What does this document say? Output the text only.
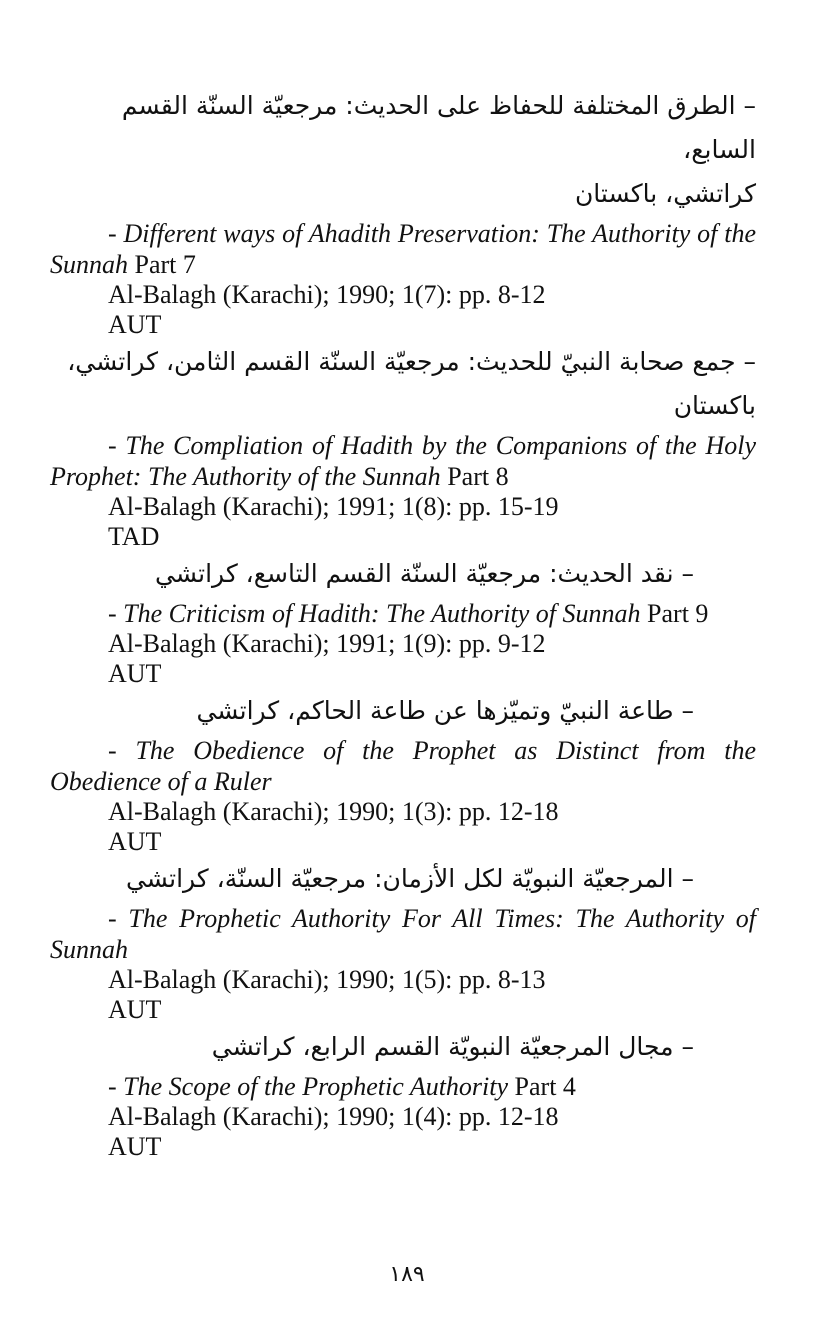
– الطرق المختلفة للحفاظ على الحديث: مرجعيّة السنّة القسم السابع،

كراتشي، باكستان

- Different ways of Ahadith Preservation: The Authority of the Sunnah Part 7

Al-Balagh (Karachi); 1990; 1(7): pp. 8-12

AUT

– جمع صحابة النبيّ للحديث: مرجعيّة السنّة القسم الثامن، كراتشي،

باكستان

- The Compliation of Hadith by the Companions of the Holy Prophet: The Authority of the Sunnah Part 8

Al-Balagh (Karachi); 1991; 1(8): pp. 15-19

TAD

– نقد الحديث: مرجعيّة السنّة القسم التاسع، كراتشي

- The Criticism of Hadith: The Authority of Sunnah Part 9

Al-Balagh (Karachi); 1991; 1(9): pp. 9-12

AUT

– طاعة النبيّ وتميّزها عن طاعة الحاكم، كراتشي

- The Obedience of the Prophet as Distinct from the Obedience of a Ruler

Al-Balagh (Karachi); 1990; 1(3): pp. 12-18

AUT

– المرجعيّة النبويّة لكل الأزمان: مرجعيّة السنّة، كراتشي

- The Prophetic Authority For All Times: The Authority of Sunnah

Al-Balagh (Karachi); 1990; 1(5): pp. 8-13

AUT

– مجال المرجعيّة النبويّة القسم الرابع، كراتشي

- The Scope of the Prophetic Authority Part 4

Al-Balagh (Karachi); 1990; 1(4): pp. 12-18

AUT

١٨٩
